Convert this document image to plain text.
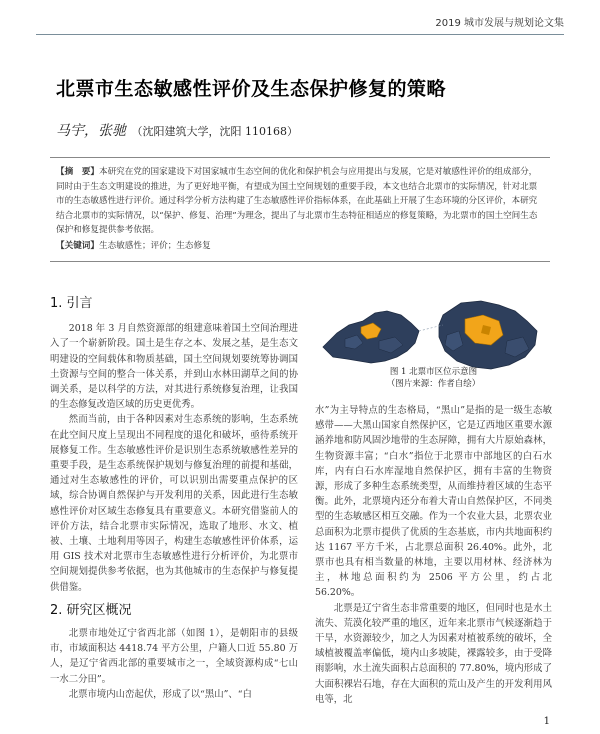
2019 城市发展与规划论文集
北票市生态敏感性评价及生态保护修复的策略
马宇，张驰 （沈阳建筑大学，沈阳 110168）
【摘　要】本研究在党的国家建设下对国家城市生态空间的优化和保护机会与应用提出与发展，它是对敏感性评价的组成部分，同时由于生态文明建设的推进，为了更好地平衡，有望成为国土空间规划的重要手段，本文也结合北票市的实际情况，针对北票市的生态敏感性进行评价。通过科学分析方法构建了生态敏感性评价指标体系，在此基础上开展了生态环境的分区评价，本研究结合北票市的实际情况，以“保护、修复、治理”为理念，提出了与北票市生态特征相适应的修复策略，为北票市的国土空间生态保护和修复提供参考依据。
【关键词】生态敏感性；评价；生态修复
1. 引言

2018 年 3 月自然资源部的组建意味着国土空间治理进入了一个崭新阶段。国土是生存之本、发展之基，是生态文明建设的空间载体和物质基础，国土空间规划要统筹协调国土资源与空间的整合一体关系，并到山水林田湖草之间的协调关系，是以科学的方法，对其进行系统修复治理，让我国的生态修复改造区域的历史更优秀。

然而当前，由于各种因素对生态系统的影响，生态系统在此空间尺度上呈现出不同程度的退化和破坏，亟待系统开展修复工作。生态敏感性评价是识别生态系统敏感性差异的重要手段，是生态系统保护规划与修复治理的前提和基础，通过对生态敏感性的评价，可以识别出需要重点保护的区域，综合协调自然保护与开发利用的关系，因此进行生态敏感性评价对区域生态修复具有重要意义。本研究借鉴前人的评价方法，结合北票市实际情况，选取了地形、水文、植被、土壤、土地利用等因子，构建生态敏感性评价体系，运用 GIS 技术对北票市生态敏感性进行分析评价，为北票市空间规划提供参考依据，也为其他城市的生态保护与修复提供借鉴。

2. 研究区概况

北票市地处辽宁省西北部（如图 1），是朝阳市的县级市，市域面积达 4418.74 平方公里，户籍人口近 55.80 万人，是辽宁省西北部的重要城市之一，全域资源构成“七山一水二分田”。

北票市境内山峦起伏，形成了以“黑山”、“白

图 1 北票市区位示意图
（图片来源：作者自绘）

水”为主导特点的生态格局，“黑山”是指的是一级生态敏感带——大黑山国家自然保护区，它是辽西地区重要水源涵养地和防风固沙地带的生态屏障，拥有大片原始森林，生物资源丰富；“白水”指位于北票市中部地区的白石水库，内有白石水库湿地自然保护区，拥有丰富的生物资源，形成了多种生态系统类型，从而维持着区域的生态平衡。此外，北票境内还分布着大青山自然保护区，不同类型的生态敏感区相互交融。作为一个农业大县，北票农业总面积为北票市提供了优质的生态基底，市内共地面积约达 1167 平方千米，占北票总面积 26.40%。此外，北票市也具有相当数量的林地，主要以用材林、经济林为主，林地总面积约为 2506 平方公里，约占北 56.20%。

北票是辽宁省生态非常重要的地区，但同时也是水土流失、荒漠化较严重的地区，近年来北票市气候逐渐趋于干旱，水资源较少，加之人为因素对植被系统的破坏，全域植被覆盖率偏低，境内山多坡陡，裸露较多，由于受降雨影响，水土流失面积占总面积的 77.80%，境内形成了大面积裸岩石地，存在大面积的荒山及产生的开发利用风电等，北

1
